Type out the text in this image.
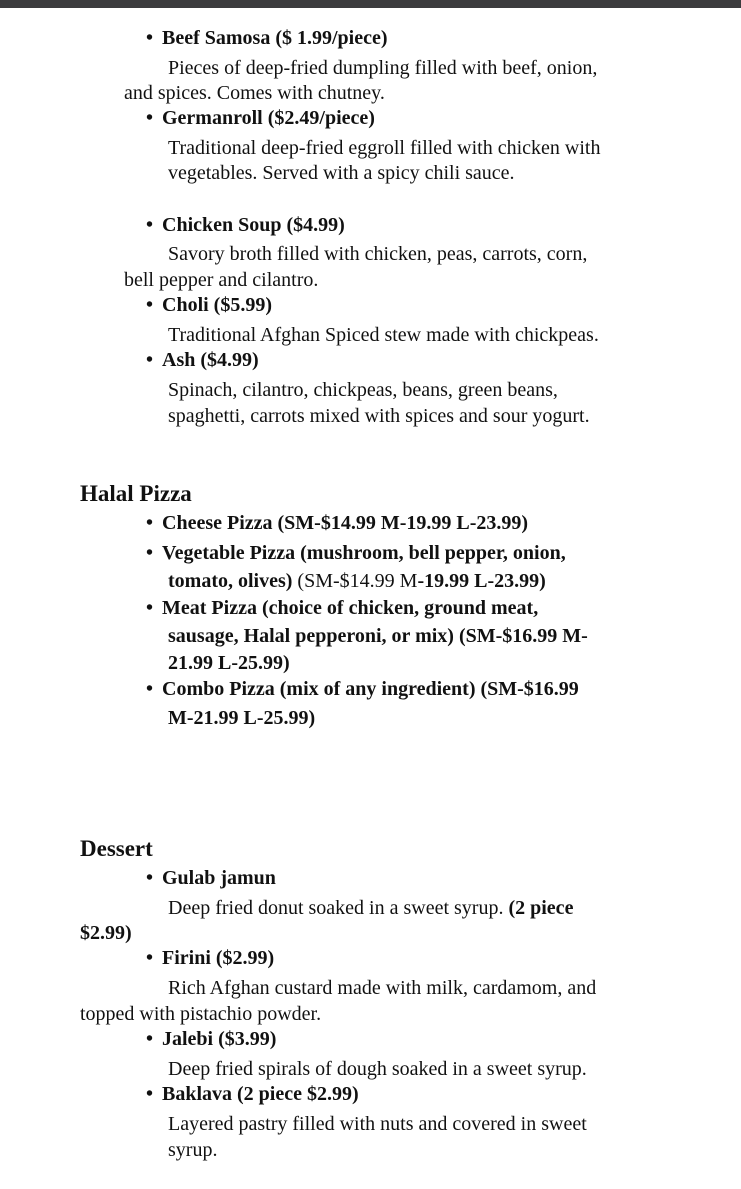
• Beef Samosa ($ 1.99/piece)
Pieces of deep-fried dumpling filled with beef, onion,
and spices. Comes with chutney.
• Germanroll ($2.49/piece)
Traditional deep-fried eggroll filled with chicken with
vegetables. Served with a spicy chili sauce.
• Chicken Soup ($4.99)
Savory broth filled with chicken, peas, carrots, corn,
bell pepper and cilantro.
• Choli ($5.99)
Traditional Afghan Spiced stew made with chickpeas.
• Ash ($4.99)
Spinach, cilantro, chickpeas, beans, green beans,
spaghetti, carrots mixed with spices and sour yogurt.
Halal Pizza
• Cheese Pizza (SM-$14.99 M-19.99 L-23.99)
• Vegetable Pizza (mushroom, bell pepper, onion,
tomato, olives) (SM-$14.99 M-19.99 L-23.99)
• Meat Pizza (choice of chicken, ground meat,
sausage, Halal pepperoni, or mix) (SM-$16.99 M-
21.99 L-25.99)
• Combo Pizza (mix of any ingredient) (SM-$16.99
M-21.99 L-25.99)
Dessert
• Gulab jamun
Deep fried donut soaked in a sweet syrup. (2 piece
$2.99)
• Firini ($2.99)
Rich Afghan custard made with milk, cardamom, and
topped with pistachio powder.
• Jalebi ($3.99)
Deep fried spirals of dough soaked in a sweet syrup.
• Baklava (2 piece $2.99)
Layered pastry filled with nuts and covered in sweet
syrup.
